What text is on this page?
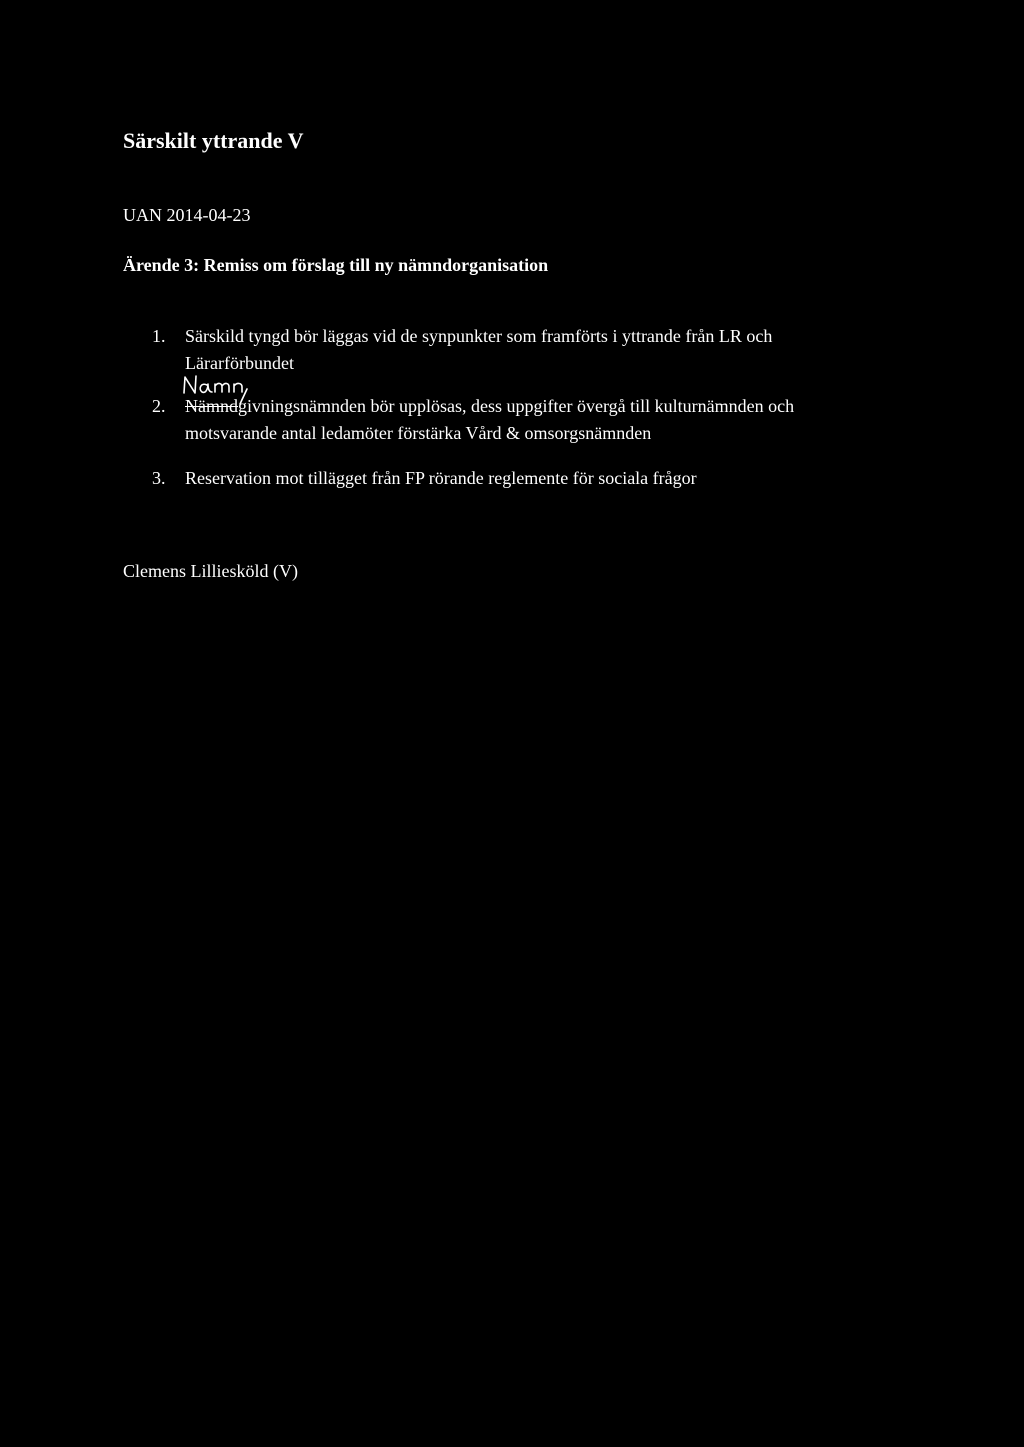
Särskilt yttrande V
UAN 2014-04-23
Ärende 3: Remiss om förslag till ny nämndorganisation
1.	Särskild tyngd bör läggas vid de synpunkter som framförts i yttrande från LR och Lärarförbundet
2.	Nämndgivningsnämnden bör upplösas, dess uppgifter övergå till kulturnämnden och motsvarande antal ledamöter förstärka Vård & omsorgsnämnden
3.	Reservation mot tillägget från FP rörande reglemente för sociala frågor
Clemens Lilliesköld (V)
